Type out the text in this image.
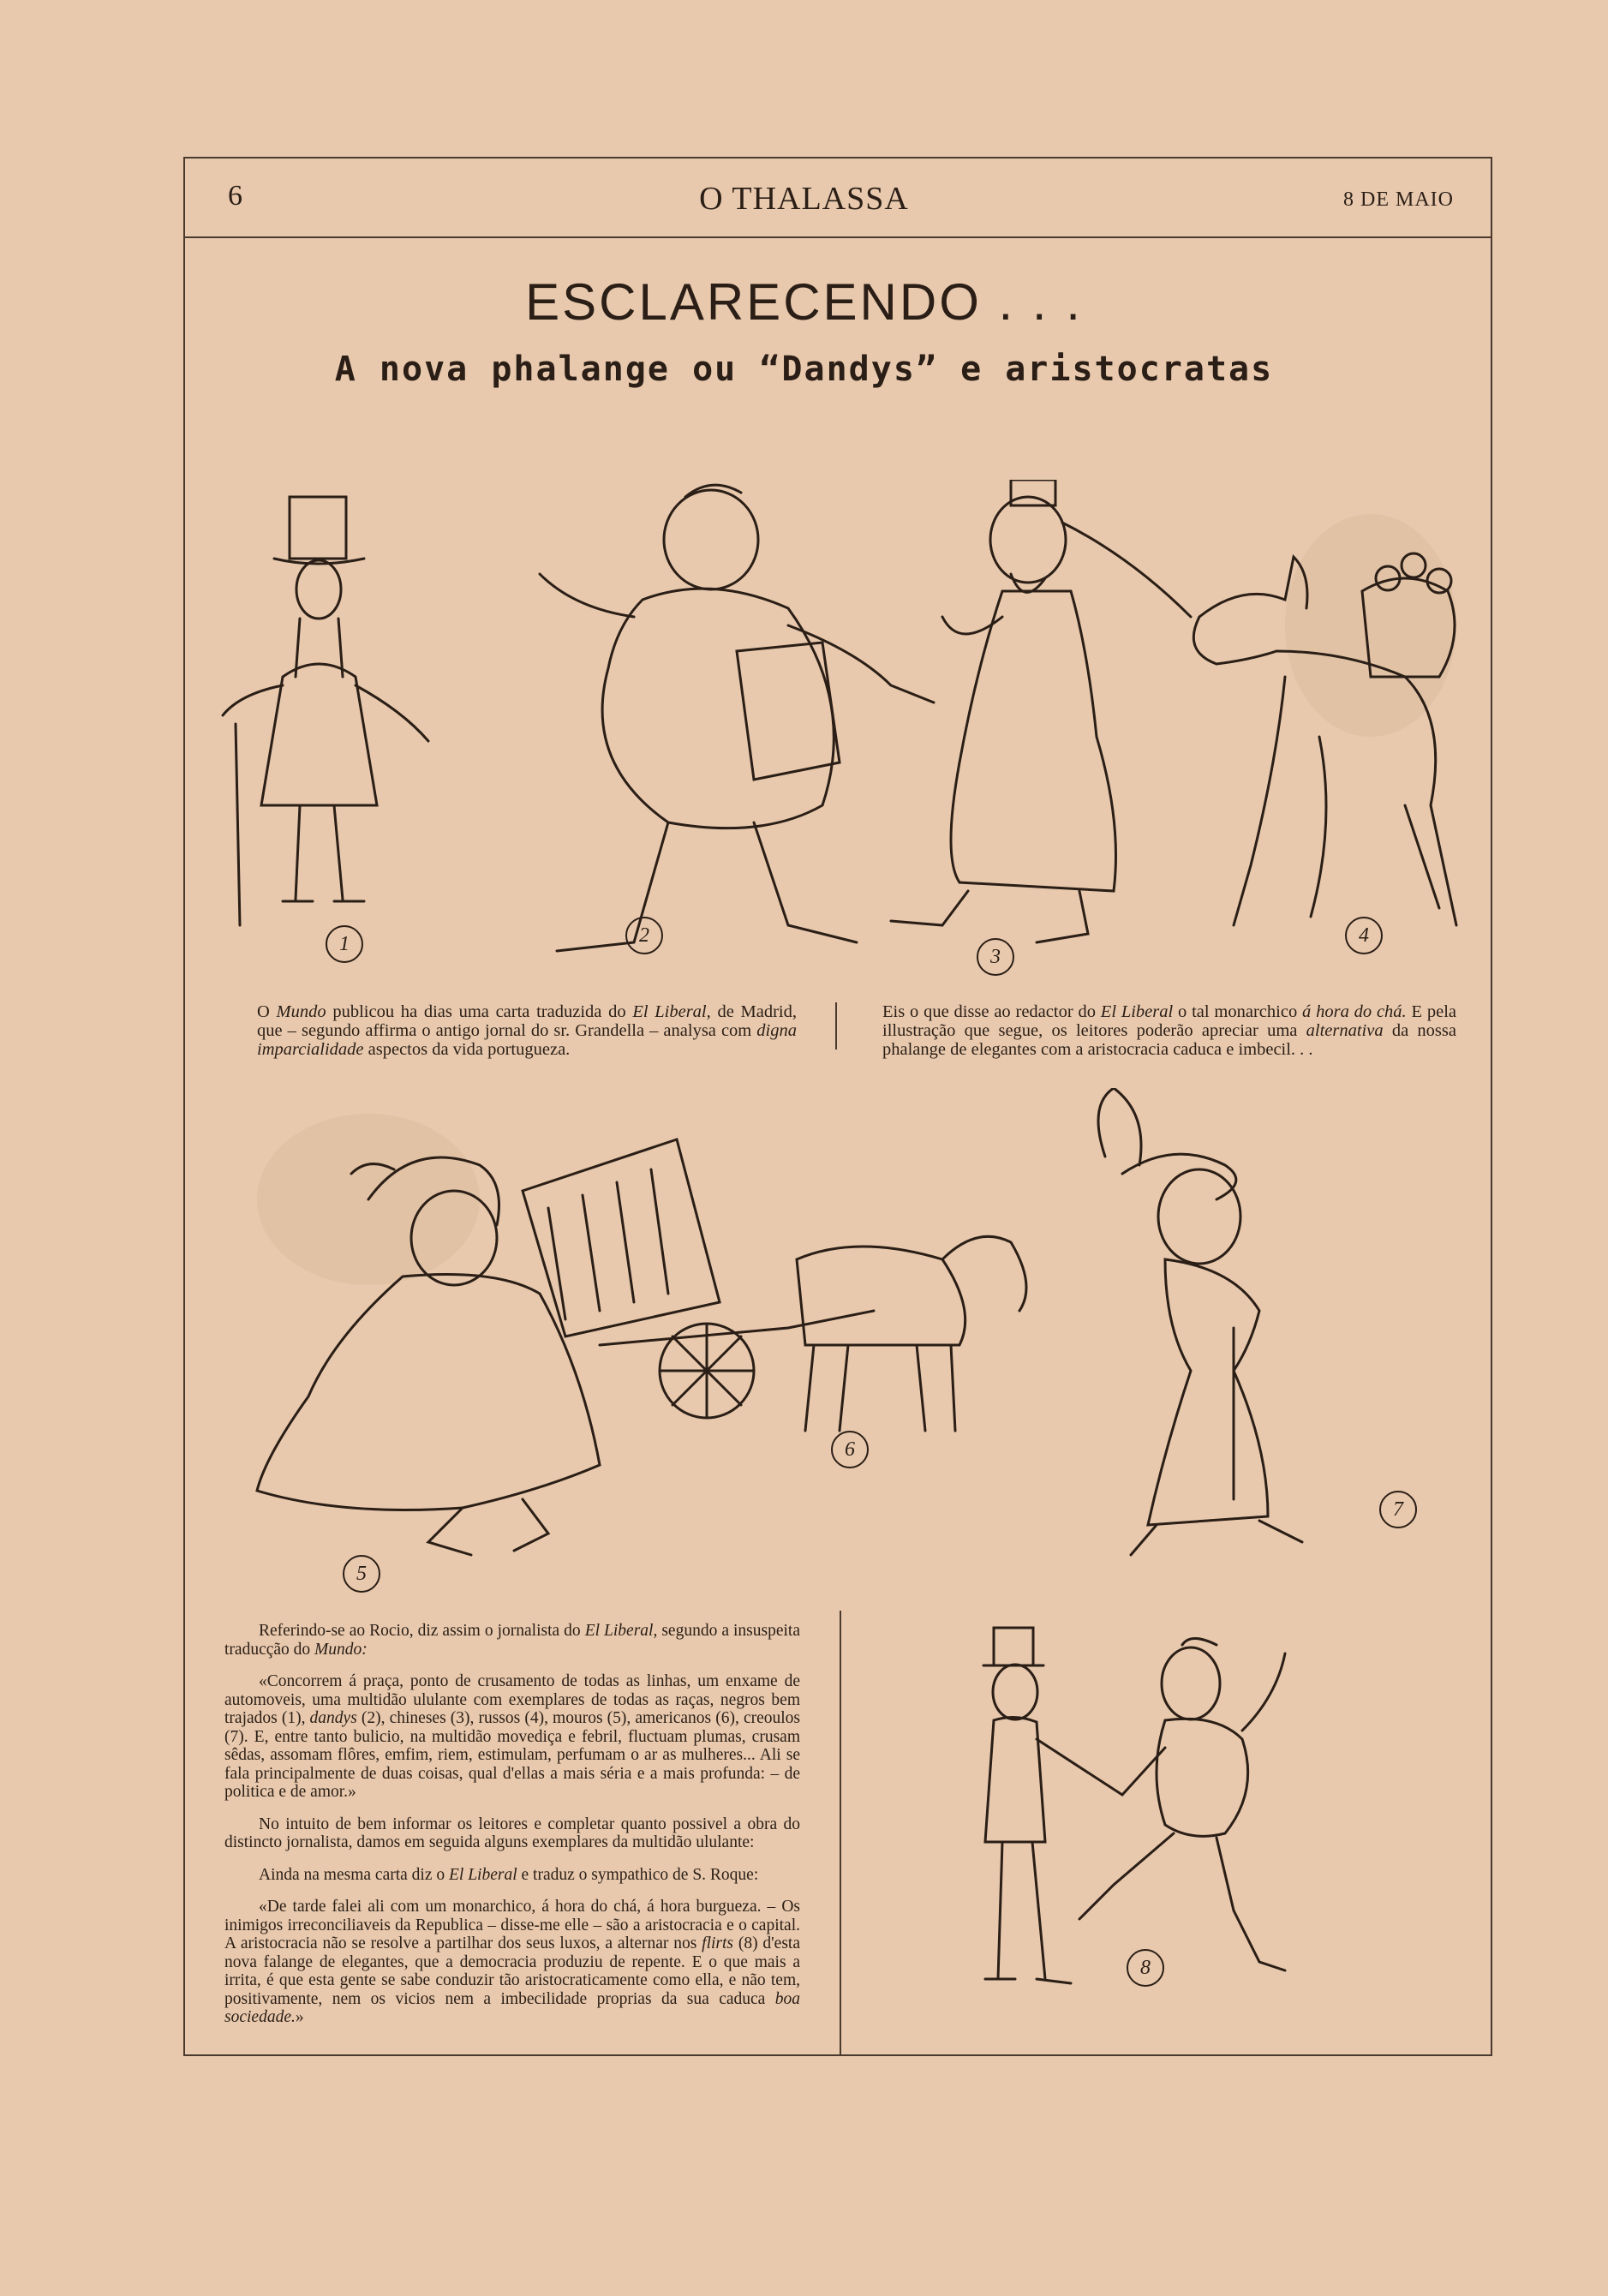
6	O THALASSA	8 DE MAIO
ESCLARECENDO . . .
A nova phalange ou “Dandys” e aristocratas
1	2
3
4
O Mundo publicou ha dias uma carta traduzida do El Liberal, de Madrid, que – segundo affirma o antigo jornal do sr. Grandella – analysa com digna imparcialidade aspectos da vida portugueza.
Eis o que disse ao redactor do El Liberal o tal monarchico á hora do chá. E pela illustração que segue, os leitores poderão apreciar uma alternativa da nossa phalange de elegantes com a aristocracia caduca e imbecil. . .
5
6
7

Referindo-se ao Rocio, diz assim o jornalista do El Liberal, segundo a insuspeita traducção do Mundo:

«Concorrem á praça, ponto de crusamento de todas as linhas, um enxame de automoveis, uma multidão ululante com exemplares de todas as raças, negros bem trajados (1), dandys (2), chineses (3), russos (4), mouros (5), americanos (6), creoulos (7). E, entre tanto bulicio, na multidão movediça e febril, fluctuam plumas, crusam sêdas, assomam flôres, emfim, riem, estimulam, perfumam o ar as mulheres... Ali se fala principalmente de duas coisas, qual d'ellas a mais séria e a mais profunda: – de politica e de amor.»

No intuito de bem informar os leitores e completar quanto possivel a obra do distincto jornalista, damos em seguida alguns exemplares da multidão ululante:

Ainda na mesma carta diz o El Liberal e traduz o sympathico de S. Roque:

«De tarde falei ali com um monarchico, á hora do chá, á hora burgueza. – Os inimigos irreconciliaveis da Republica – disse-me elle – são a aristocracia e o capital. A aristocracia não se resolve a partilhar dos seus luxos, a alternar nos flirts (8) d'esta nova falange de elegantes, que a democracia produziu de repente. E o que mais a irrita, é que esta gente se sabe conduzir tão aristocraticamente como ella, e não tem, positivamente, nem os vicios nem a imbecilidade proprias da sua caduca boa sociedade.»

8
